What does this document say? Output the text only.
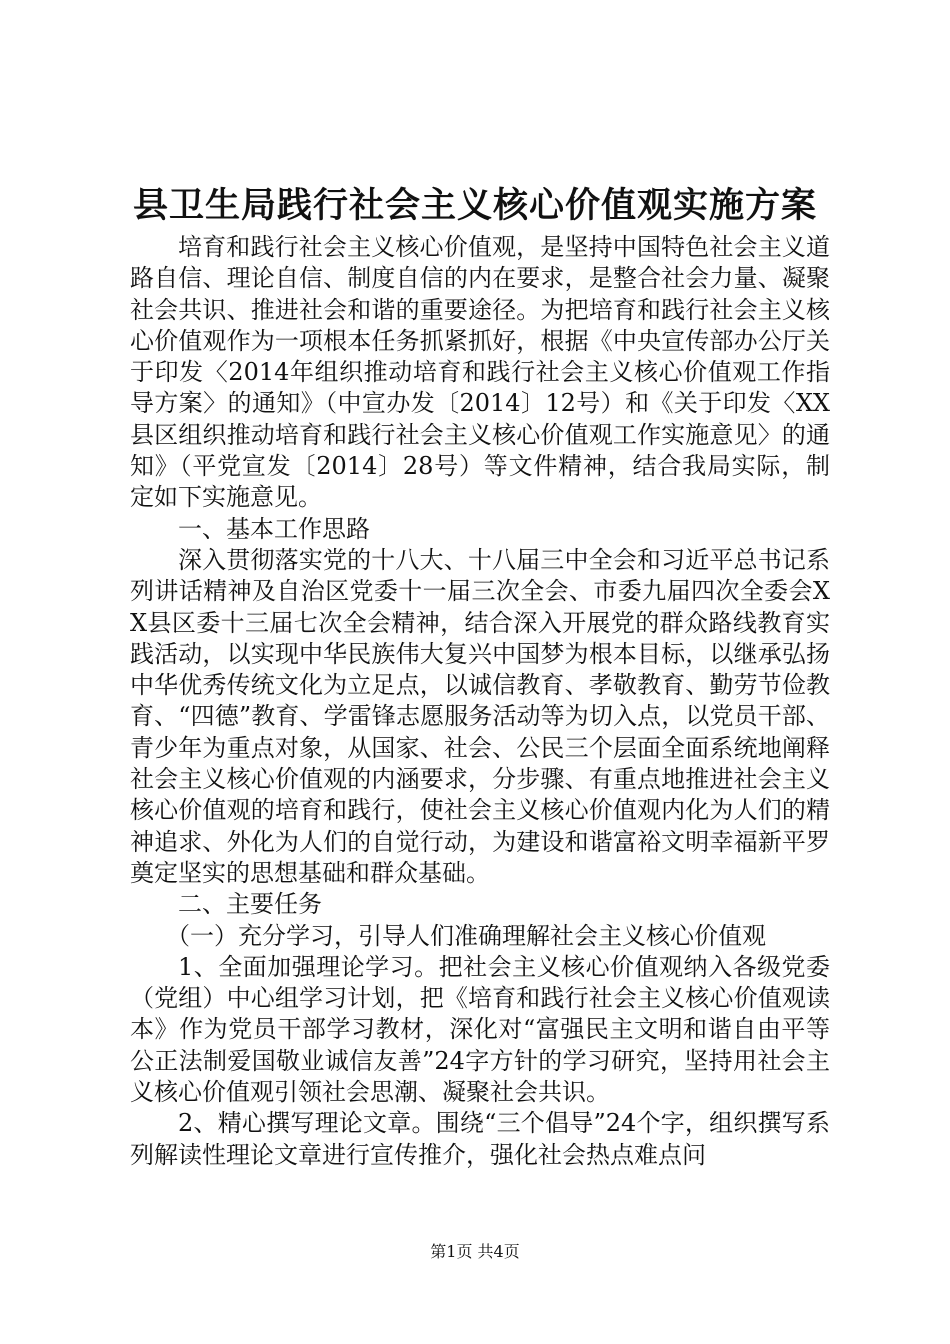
县卫生局践行社会主义核心价值观实施方案

培育和践行社会主义核心价值观，是坚持中国特色社会主义道路自信、理论自信、制度自信的内在要求，是整合社会力量、凝聚社会共识、推进社会和谐的重要途径。为把培育和践行社会主义核心价值观作为一项根本任务抓紧抓好，根据《中央宣传部办公厅关于印发〈2014年组织推动培育和践行社会主义核心价值观工作指导方案〉的通知》（中宣办发〔2014〕12号）和《关于印发〈XX县区组织推动培育和践行社会主义核心价值观工作实施意见〉的通知》（平党宣发〔2014〕28号）等文件精神，结合我局实际，制定如下实施意见。

一、基本工作思路

深入贯彻落实党的十八大、十八届三中全会和习近平总书记系列讲话精神及自治区党委十一届三次全会、市委九届四次全委会XX县区委十三届七次全会精神，结合深入开展党的群众路线教育实践活动，以实现中华民族伟大复兴中国梦为根本目标，以继承弘扬中华优秀传统文化为立足点，以诚信教育、孝敬教育、勤劳节俭教育、“四德”教育、学雷锋志愿服务活动等为切入点，以党员干部、青少年为重点对象，从国家、社会、公民三个层面全面系统地阐释社会主义核心价值观的内涵要求，分步骤、有重点地推进社会主义核心价值观的培育和践行，使社会主义核心价值观内化为人们的精神追求、外化为人们的自觉行动，为建设和谐富裕文明幸福新平罗奠定坚实的思想基础和群众基础。

二、主要任务

（一）充分学习，引导人们准确理解社会主义核心价值观

1、全面加强理论学习。把社会主义核心价值观纳入各级党委（党组）中心组学习计划，把《培育和践行社会主义核心价值观读本》作为党员干部学习教材，深化对“富强民主文明和谐自由平等公正法制爱国敬业诚信友善”24字方针的学习研究，坚持用社会主义核心价值观引领社会思潮、凝聚社会共识。

2、精心撰写理论文章。围绕“三个倡导”24个字，组织撰写系列解读性理论文章进行宣传推介，强化社会热点难点问

第1页 共4页
